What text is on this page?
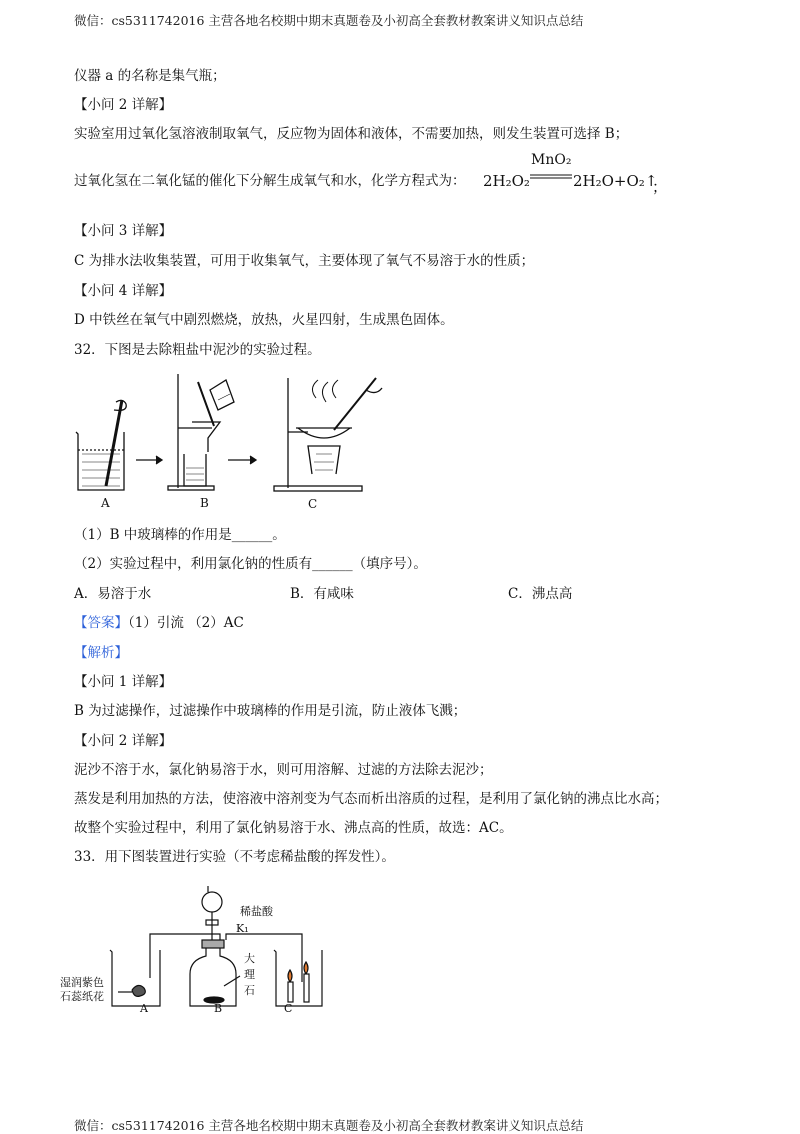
微信：cs5311742016 主营各地名校期中期末真题卷及小初高全套教材教案讲义知识点总结
仪器 a 的名称是集气瓶；
【小问 2 详解】
实验室用过氧化氢溶液制取氧气，反应物为固体和液体，不需要加热，则发生装置可选择 B；
过氧化氢在二氧化锰的催化下分解生成氧气和水，化学方程式为： 2H₂O₂
MnO₂
2H₂O+O₂↑
；
【小问 3 详解】
C 为排水法收集装置，可用于收集氧气，主要体现了氧气不易溶于水的性质；
【小问 4 详解】
D 中铁丝在氧气中剧烈燃烧，放热，火星四射，生成黑色固体。
32．下图是去除粗盐中泥沙的实验过程。
A	B	C
（1）B 中玻璃棒的作用是______。
（2）实验过程中，利用氯化钠的性质有______（填序号）。
A．易溶于水	B．有咸味	C．沸点高
【答案】（1）引流 （2）AC
【解析】
【小问 1 详解】
B 为过滤操作，过滤操作中玻璃棒的作用是引流，防止液体飞溅；
【小问 2 详解】
泥沙不溶于水，氯化钠易溶于水，则可用溶解、过滤的方法除去泥沙；
蒸发是利用加热的方法，使溶液中溶剂变为气态而析出溶质的过程，是利用了氯化钠的沸点比水高；
故整个实验过程中，利用了氯化钠易溶于水、沸点高的性质，故选：AC。
33．用下图装置进行实验（不考虑稀盐酸的挥发性）。
稀盐酸
K₁
大
理
石
湿润紫色
石蕊纸花
A	B	C
微信：cs5311742016 主营各地名校期中期末真题卷及小初高全套教材教案讲义知识点总结
